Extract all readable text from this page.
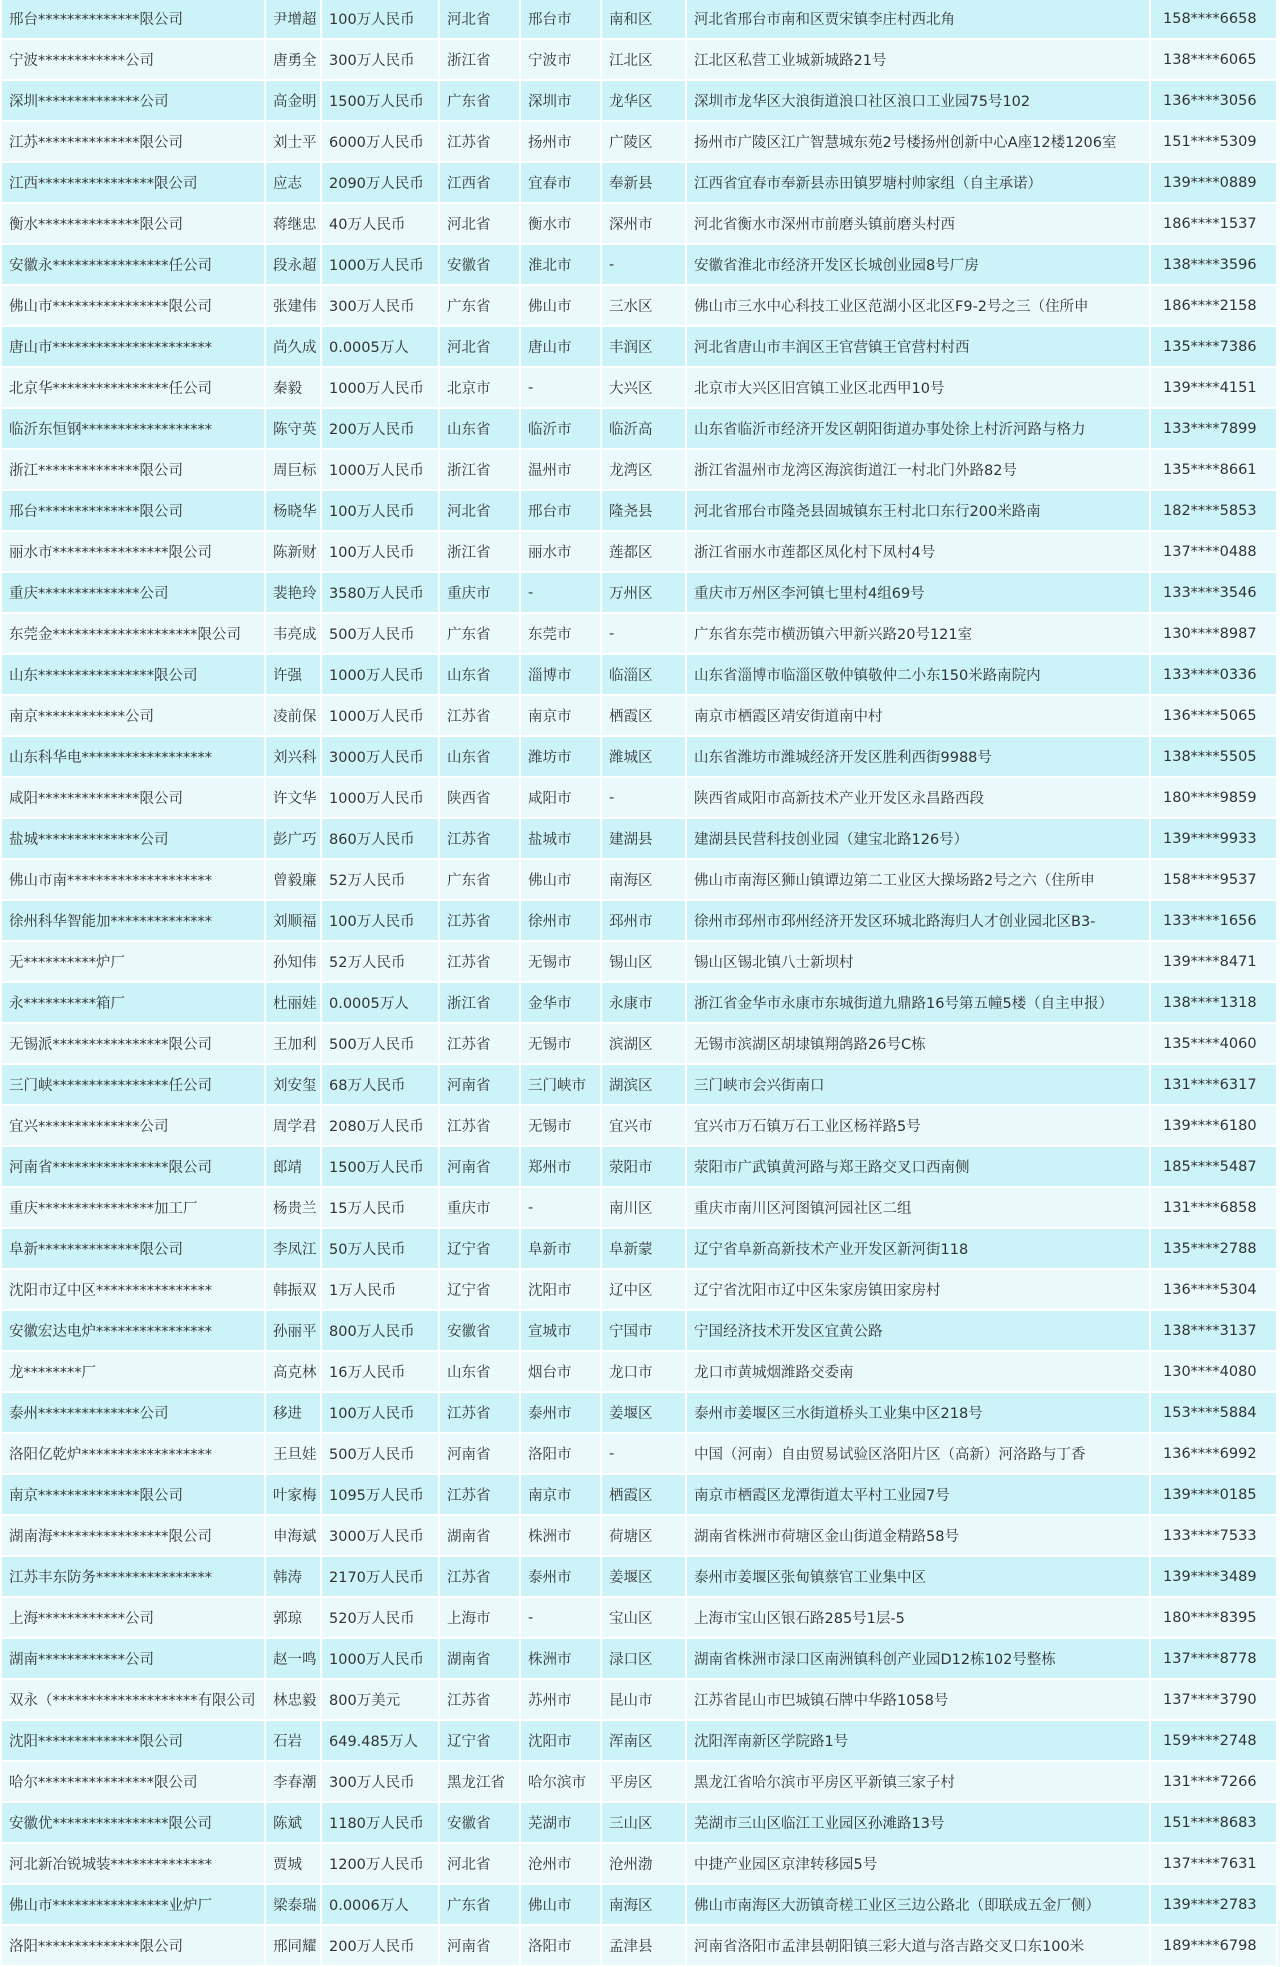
邢台**************限公司	尹增超	100万人民币	河北省	邢台市	南和区	河北省邢台市南和区贾宋镇李庄村西北角	158****6658
宁波************公司	唐勇全	300万人民币	浙江省	宁波市	江北区	江北区私营工业城新城路21号	138****6065
深圳**************公司	高金明	1500万人民币	广东省	深圳市	龙华区	深圳市龙华区大浪街道浪口社区浪口工业园75号102	136****3056
江苏**************限公司	刘士平	6000万人民币	江苏省	扬州市	广陵区	扬州市广陵区江广智慧城东苑2号楼扬州创新中心A座12楼1206室	151****5309
江西****************限公司	应志	2090万人民币	江西省	宜春市	奉新县	江西省宜春市奉新县赤田镇罗塘村帅家组（自主承诺）	139****0889
衡水**************限公司	蒋继忠	40万人民币	河北省	衡水市	深州市	河北省衡水市深州市前磨头镇前磨头村西	186****1537
安徽永****************任公司	段永超	1000万人民币	安徽省	淮北市	-	安徽省淮北市经济开发区长城创业园8号厂房	138****3596
佛山市****************限公司	张建伟	300万人民币	广东省	佛山市	三水区	佛山市三水中心科技工业区范湖小区北区F9-2号之三（住所申	186****2158
唐山市**********************	尚久成	0.0005万人	河北省	唐山市	丰润区	河北省唐山市丰润区王官营镇王官营村村西	135****7386
北京华****************任公司	秦毅	1000万人民币	北京市	-	大兴区	北京市大兴区旧宫镇工业区北西甲10号	139****4151
临沂东恒钢******************	陈守英	200万人民币	山东省	临沂市	临沂高	山东省临沂市经济开发区朝阳街道办事处徐上村沂河路与格力	133****7899
浙江**************限公司	周巨标	1000万人民币	浙江省	温州市	龙湾区	浙江省温州市龙湾区海滨街道江一村北门外路82号	135****8661
邢台**************限公司	杨晓华	100万人民币	河北省	邢台市	隆尧县	河北省邢台市隆尧县固城镇东王村北口东行200米路南	182****5853
丽水市****************限公司	陈新财	100万人民币	浙江省	丽水市	莲都区	浙江省丽水市莲都区凤化村下凤村4号	137****0488
重庆**************公司	裴艳玲	3580万人民币	重庆市	-	万州区	重庆市万州区李河镇七里村4组69号	133****3546
东莞金********************限公司	韦亮成	500万人民币	广东省	东莞市	-	广东省东莞市横沥镇六甲新兴路20号121室	130****8987
山东****************限公司	许强	1000万人民币	山东省	淄博市	临淄区	山东省淄博市临淄区敬仲镇敬仲二小东150米路南院内	133****0336
南京************公司	凌前保	1000万人民币	江苏省	南京市	栖霞区	南京市栖霞区靖安街道南中村	136****5065
山东科华电******************	刘兴科	3000万人民币	山东省	潍坊市	潍城区	山东省潍坊市潍城经济开发区胜利西街9988号	138****5505
咸阳**************限公司	许文华	1000万人民币	陕西省	咸阳市	-	陕西省咸阳市高新技术产业开发区永昌路西段	180****9859
盐城**************公司	彭广巧	860万人民币	江苏省	盐城市	建湖县	建湖县民营科技创业园（建宝北路126号）	139****9933
佛山市南********************	曾毅廉	52万人民币	广东省	佛山市	南海区	佛山市南海区狮山镇谭边第二工业区大操场路2号之六（住所申	158****9537
徐州科华智能加**************	刘顺福	100万人民币	江苏省	徐州市	邳州市	徐州市邳州市邳州经济开发区环城北路海归人才创业园北区B3-	133****1656
无**********炉厂	孙知伟	52万人民币	江苏省	无锡市	锡山区	锡山区锡北镇八士新坝村	139****8471
永**********箱厂	杜丽娃	0.0005万人	浙江省	金华市	永康市	浙江省金华市永康市东城街道九鼎路16号第五幢5楼（自主申报）	138****1318
无锡派****************限公司	王加利	500万人民币	江苏省	无锡市	滨湖区	无锡市滨湖区胡埭镇翔鸽路26号C栋	135****4060
三门峡****************任公司	刘安玺	68万人民币	河南省	三门峡市	湖滨区	三门峡市会兴街南口	131****6317
宜兴**************公司	周学君	2080万人民币	江苏省	无锡市	宜兴市	宜兴市万石镇万石工业区杨祥路5号	139****6180
河南省****************限公司	郎靖	1500万人民币	河南省	郑州市	荥阳市	荥阳市广武镇黄河路与郑王路交叉口西南侧	185****5487
重庆****************加工厂	杨贵兰	15万人民币	重庆市	-	南川区	重庆市南川区河图镇河园社区二组	131****6858
阜新**************限公司	李凤江	50万人民币	辽宁省	阜新市	阜新蒙	辽宁省阜新高新技术产业开发区新河街118	135****2788
沈阳市辽中区****************	韩振双	1万人民币	辽宁省	沈阳市	辽中区	辽宁省沈阳市辽中区朱家房镇田家房村	136****5304
安徽宏达电炉****************	孙丽平	800万人民币	安徽省	宣城市	宁国市	宁国经济技术开发区宜黄公路	138****3137
龙********厂	高克林	16万人民币	山东省	烟台市	龙口市	龙口市黄城烟潍路交委南	130****4080
泰州**************公司	移进	100万人民币	江苏省	泰州市	姜堰区	泰州市姜堰区三水街道桥头工业集中区218号	153****5884
洛阳亿乾炉******************	王旦娃	500万人民币	河南省	洛阳市	-	中国（河南）自由贸易试验区洛阳片区（高新）河洛路与丁香	136****6992
南京**************限公司	叶家梅	1095万人民币	江苏省	南京市	栖霞区	南京市栖霞区龙潭街道太平村工业园7号	139****0185
湖南海****************限公司	申海斌	3000万人民币	湖南省	株洲市	荷塘区	湖南省株洲市荷塘区金山街道金精路58号	133****7533
江苏丰东防务****************	韩涛	2170万人民币	江苏省	泰州市	姜堰区	泰州市姜堰区张甸镇蔡官工业集中区	139****3489
上海************公司	郭琼	520万人民币	上海市	-	宝山区	上海市宝山区银石路285号1层-5	180****8395
湖南************公司	赵一鸣	1000万人民币	湖南省	株洲市	渌口区	湖南省株洲市渌口区南洲镇科创产业园D12栋102号整栋	137****8778
双永（********************有限公司	林忠毅	800万美元	江苏省	苏州市	昆山市	江苏省昆山市巴城镇石牌中华路1058号	137****3790
沈阳**************限公司	石岩	649.485万人	辽宁省	沈阳市	浑南区	沈阳浑南新区学院路1号	159****2748
哈尔****************限公司	李春潮	300万人民币	黑龙江省	哈尔滨市	平房区	黑龙江省哈尔滨市平房区平新镇三家子村	131****7266
安徽优****************限公司	陈斌	1180万人民币	安徽省	芜湖市	三山区	芜湖市三山区临江工业园区孙滩路13号	151****8683
河北新冶锐城装**************	贾城	1200万人民币	河北省	沧州市	沧州渤	中捷产业园区京津转移园5号	137****7631
佛山市****************业炉厂	梁泰瑞	0.0006万人	广东省	佛山市	南海区	佛山市南海区大沥镇奇槎工业区三边公路北（即联成五金厂侧）	139****2783
洛阳**************限公司	邢同耀	200万人民币	河南省	洛阳市	孟津县	河南省洛阳市孟津县朝阳镇三彩大道与洛吉路交叉口东100米	189****6798
